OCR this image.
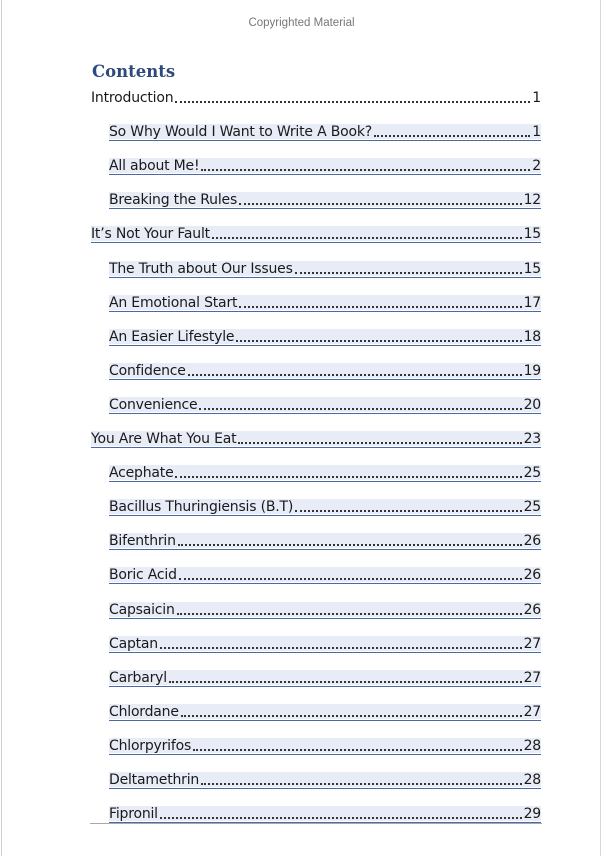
Copyrighted Material
Contents
Introduction	1
So Why Would I Want to Write A Book?	1
All about Me!	2
Breaking the Rules	12
It’s Not Your Fault	15
The Truth about Our Issues	15
An Emotional Start	17
An Easier Lifestyle	18
Confidence	19
Convenience	20
You Are What You Eat	23
Acephate	25
Bacillus Thuringiensis (B.T)	25
Bifenthrin	26
Boric Acid	26
Capsaicin	26
Captan	27
Carbaryl	27
Chlordane	27
Chlorpyrifos	28
Deltamethrin	28
Fipronil	29
